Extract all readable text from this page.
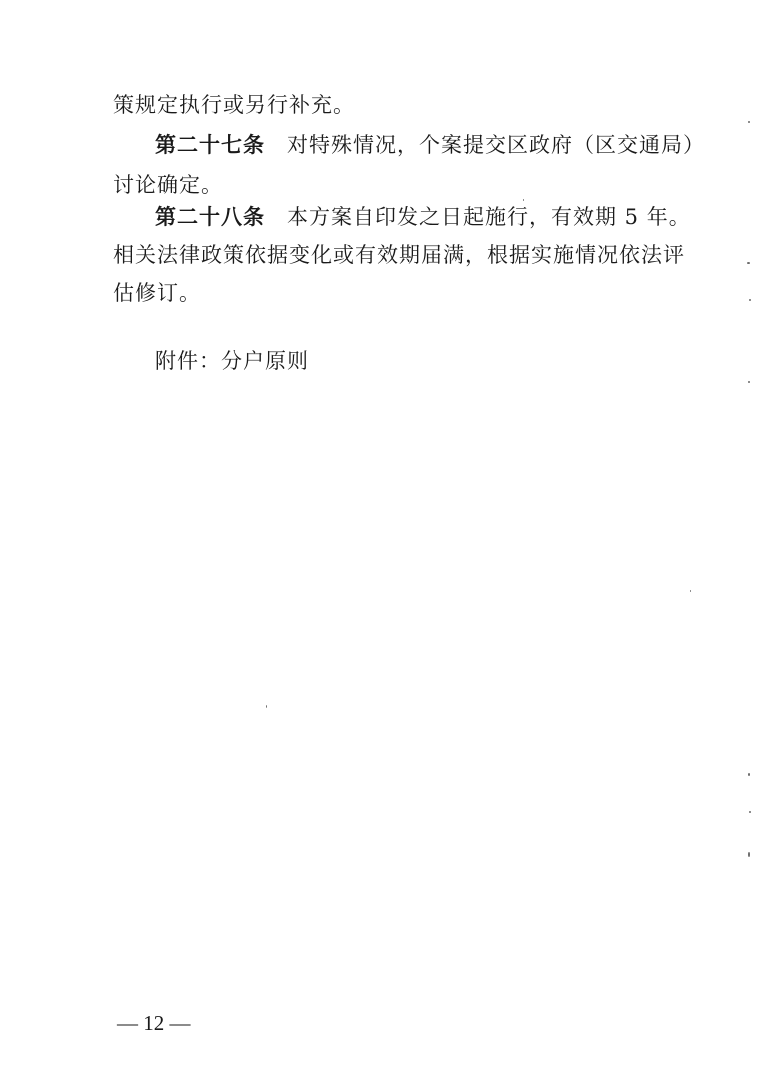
策规定执行或另行补充。
第二十七条 对特殊情况，个案提交区政府（区交通局）
讨论确定。
第二十八条 本方案自印发之日起施行，有效期 5 年。
相关法律政策依据变化或有效期届满，根据实施情况依法评
估修订。
附件：分户原则
— 12 —
